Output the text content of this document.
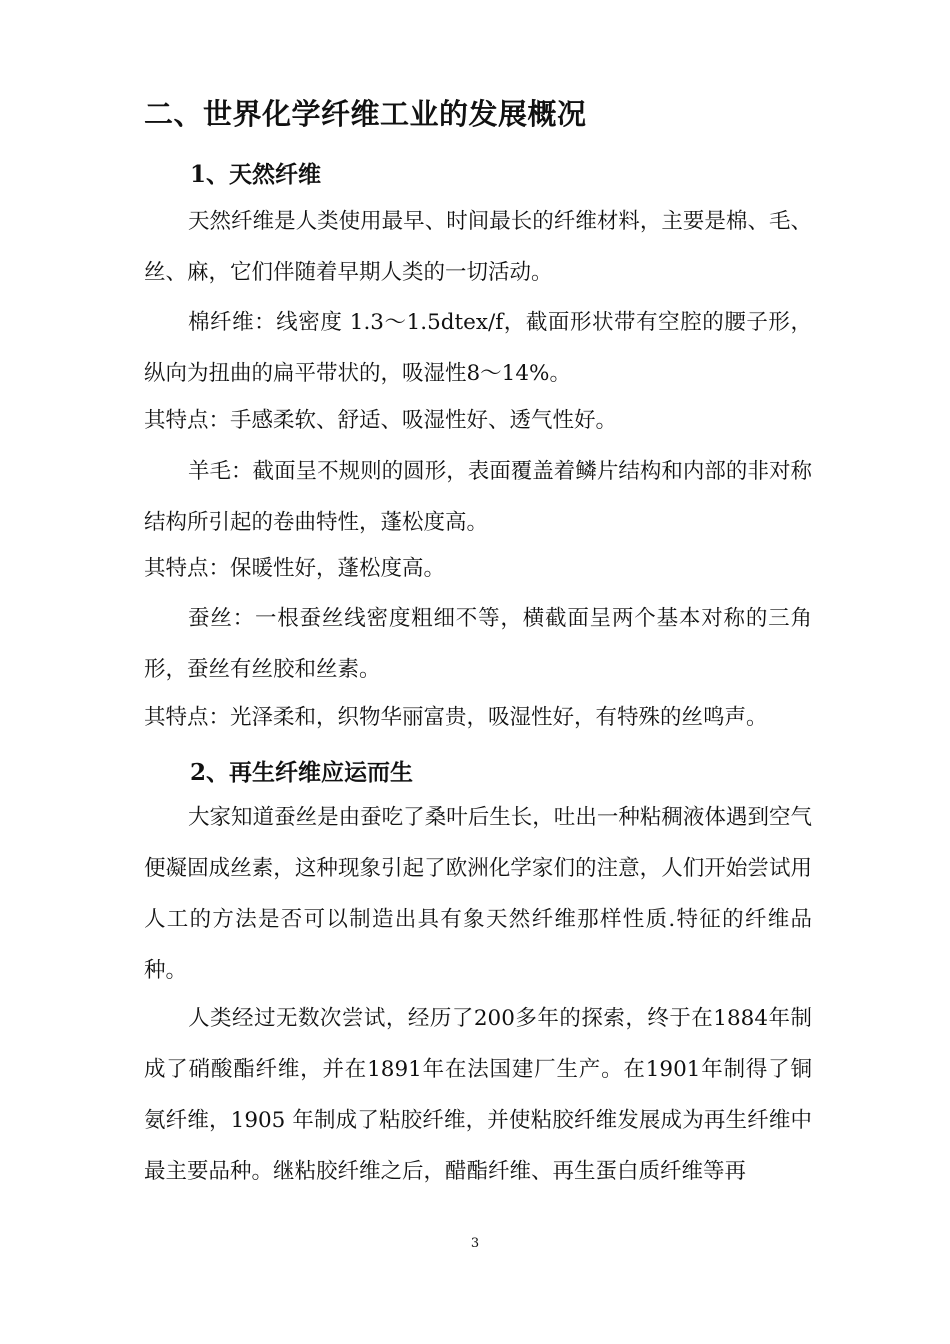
二、世界化学纤维工业的发展概况
1、天然纤维

天然纤维是人类使用最早、时间最长的纤维材料，主要是棉、毛、丝、麻，它们伴随着早期人类的一切活动。

棉纤维：线密度 1.3～1.5dtex/f，截面形状带有空腔的腰子形，纵向为扭曲的扁平带状的，吸湿性8～14%。

其特点：手感柔软、舒适、吸湿性好、透气性好。

羊毛：截面呈不规则的圆形，表面覆盖着鳞片结构和内部的非对称结构所引起的卷曲特性，蓬松度高。

其特点：保暖性好，蓬松度高。

蚕丝：一根蚕丝线密度粗细不等，横截面呈两个基本对称的三角形，蚕丝有丝胶和丝素。

其特点：光泽柔和，织物华丽富贵，吸湿性好，有特殊的丝鸣声。

2、再生纤维应运而生

大家知道蚕丝是由蚕吃了桑叶后生长，吐出一种粘稠液体遇到空气便凝固成丝素，这种现象引起了欧洲化学家们的注意，人们开始尝试用人工的方法是否可以制造出具有象天然纤维那样性质.特征的纤维品种。

人类经过无数次尝试，经历了200多年的探索，终于在1884年制成了硝酸酯纤维，并在1891年在法国建厂生产。在1901年制得了铜氨纤维，1905 年制成了粘胶纤维，并使粘胶纤维发展成为再生纤维中最主要品种。继粘胶纤维之后，醋酯纤维、再生蛋白质纤维等再

3
